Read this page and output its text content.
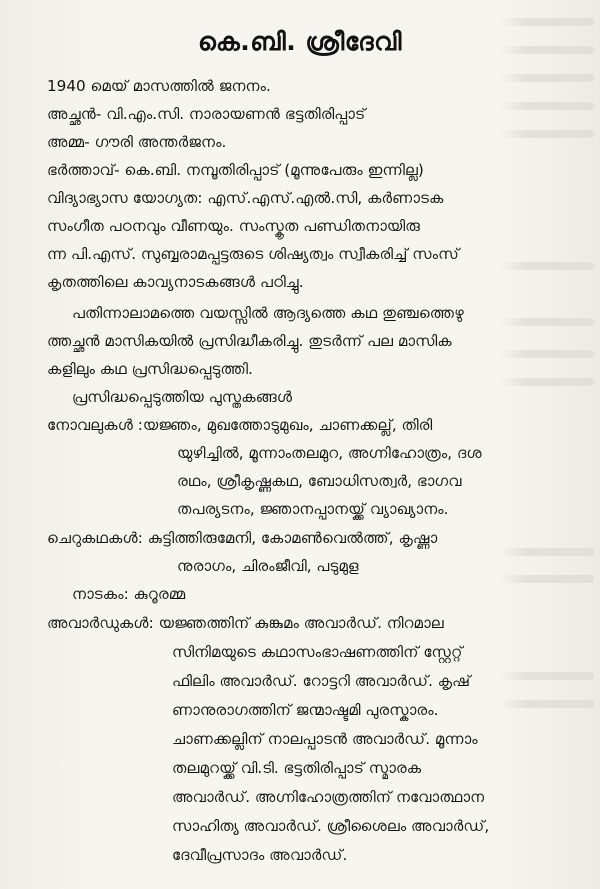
കെ.ബി. ശ്രീദേവി
1940 മെയ് മാസത്തിൽ ജനനം.
അച്ഛൻ- വി.എം.സി. നാരായണൻ ഭട്ടതിരിപ്പാട്
അമ്മ- ഗൗരി അന്തർജനം.
ഭർത്താവ്- കെ.ബി. നമ്പൂതിരിപ്പാട് (മൂന്നുപേരും ഇന്നില്ല)
വിദ്യാഭ്യാസ യോഗ്യത: എസ്.എസ്.എൽ.സി, കർണാടക
സംഗീത പഠനവും വീണയും. സംസ്കൃത പണ്ഡിതനായിരു
ന്ന പി.എസ്. സുബ്ബരാമപ്പട്ടരുടെ ശിഷ്യത്വം സ്വീകരിച്ച് സംസ്
കൃതത്തിലെ കാവ്യനാടകങ്ങൾ പഠിച്ചു.
പതിന്നാലാമത്തെ വയസ്സിൽ ആദ്യത്തെ കഥ തുഞ്ചത്തെഴു
ത്തച്ഛൻ മാസികയിൽ പ്രസിദ്ധീകരിച്ചു. തുടർന്ന് പല മാസിക
കളിലും കഥ പ്രസിദ്ധപ്പെടുത്തി.
പ്രസിദ്ധപ്പെടുത്തിയ പുസ്തകങ്ങൾ
നോവലുകൾ :യജ്ഞം, മുഖത്തോടുമുഖം, ചാണക്കല്ല്, തിരി
യുഴിച്ചിൽ, മൂന്നാംതലമുറ, അഗ്നിഹോത്രം, ദശ
രഥം, ശ്രീകൃഷ്ണകഥ, ബോധിസത്വർ, ഭാഗവ
തപര്യടനം, ജ്ഞാനപ്പാനയ്ക്ക് വ്യാഖ്യാനം.
ചെറുകഥകൾ: കുട്ടിത്തിരുമേനി, കോമൺവെൽത്ത്, കൃഷ്ണാ
നുരാഗം, ചിരംജീവി, പടുമുള
നാടകം: കുറൂരമ്മ
അവാർഡുകൾ: യജ്ഞത്തിന് കുങ്കുമം അവാർഡ്. നിറമാല
സിനിമയുടെ കഥാസംഭാഷണത്തിന് സ്റ്റേറ്റ്
ഫിലിം അവാർഡ്. റോട്ടറി അവാർഡ്. കൃഷ്
ണാനുരാഗത്തിന് ജന്മാഷ്ടമി പുരസ്കാരം.
ചാണക്കല്ലിന് നാലപ്പാടൻ അവാർഡ്. മൂന്നാം
തലമുറയ്ക്ക് വി.ടി. ഭട്ടതിരിപ്പാട് സ്മാരക
അവാർഡ്. അഗ്നിഹോത്രത്തിന് നവോത്ഥാന
സാഹിത്യ അവാർഡ്. ശ്രീശൈലം അവാർഡ്,
ദേവീപ്രസാദം അവാർഡ്.
